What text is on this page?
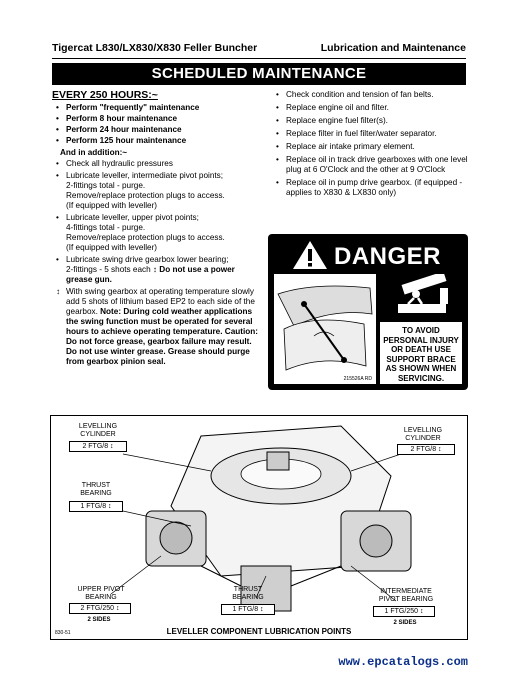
Tigercat L830/LX830/X830 Feller Buncher	Lubrication and Maintenance
SCHEDULED MAINTENANCE
EVERY 250 HOURS:~
• Perform "frequently" maintenance
• Perform 8 hour maintenance
• Perform 24 hour maintenance
• Perform 125 hour maintenance
And in addition:~
• Check all hydraulic pressures
• Lubricate leveller, intermediate pivot points;
2-fittings total - purge.
Remove/replace protection plugs to access.
(If equipped with leveller)
• Lubricate leveller, upper pivot points;
4-fittings total - purge.
Remove/replace protection plugs to access.
(If equipped with leveller)
• Lubricate swing drive gearbox lower bearing;
2-fittings - 5 shots each ↕ Do not use a power grease gun.
↕ With swing gearbox at operating temperature slowly add 5 shots of lithium based EP2 to each side of the gearbox. Note: During cold weather applications the swing function must be operated for several hours to achieve operating temperature. Caution: Do not force grease, gearbox failure may result. Do not use winter grease. Grease should purge from gearbox pinion seal.
• Check condition and tension of fan belts.
• Replace engine oil and filter.
• Replace engine fuel filter(s).
• Replace filter in fuel filter/water separator.
• Replace air intake primary element.
• Replace oil in track drive gearboxes with one level plug at 6 O'Clock and the other at 9 O'Clock
• Replace oil in pump drive gearbox. (if equipped - applies to X830 & LX830 only)
DANGER
215526A RD
TO AVOID PERSONAL INJURY OR DEATH USE SUPPORT BRACE AS SHOWN WHEN SERVICING.
LEVELLING CYLINDER
2 FTG/8 ↕
LEVELLING CYLINDER
2 FTG/8 ↕
THRUST BEARING
1 FTG/8 ↕
UPPER PIVOT BEARING
2 FTG/250 ↕
2 SIDES
THRUST BEARING
1 FTG/8 ↕
INTERMEDIATE PIVOT BEARING
1 FTG/250 ↕
2 SIDES
LEVELLER COMPONENT LUBRICATION POINTS
830-51
www.epcatalogs.com
